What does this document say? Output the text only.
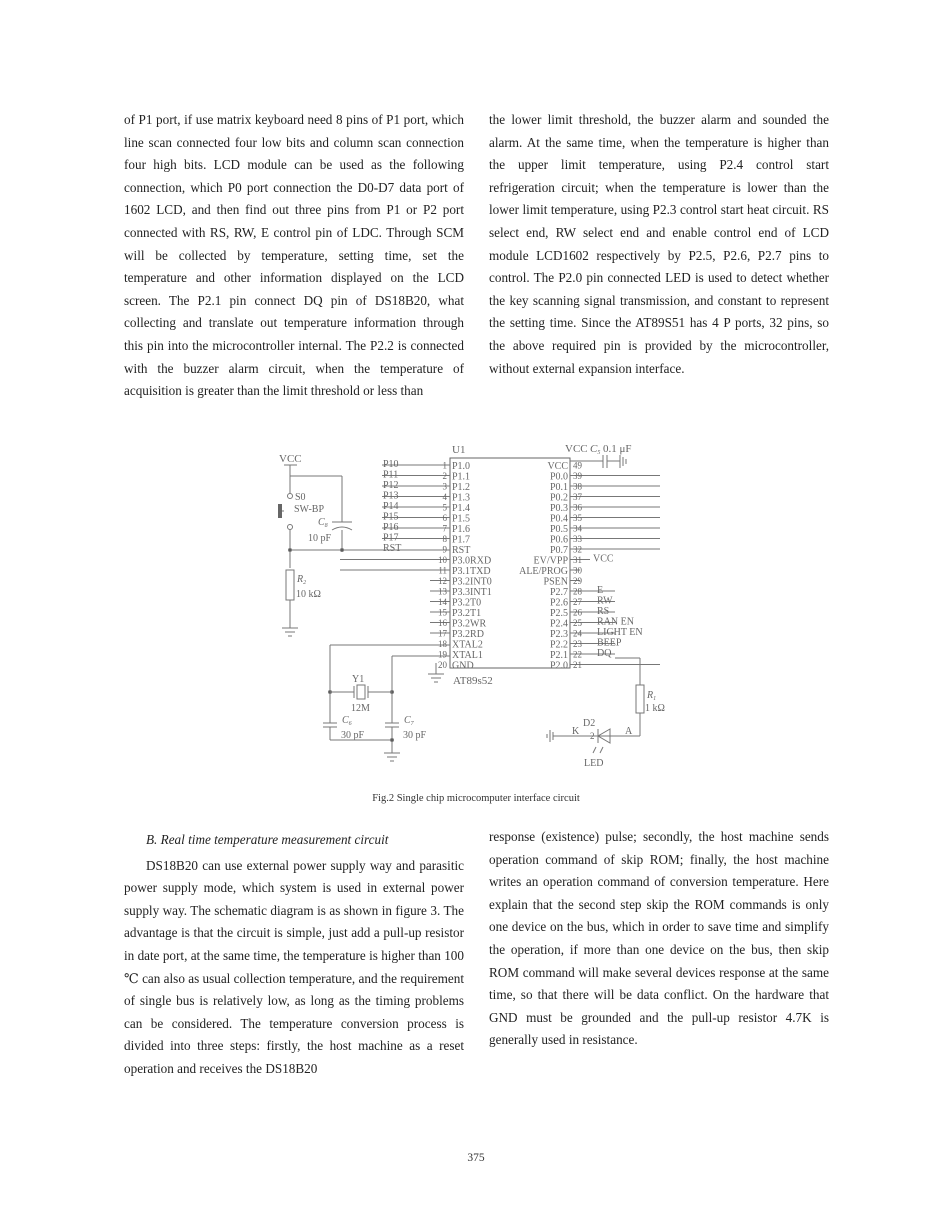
of P1 port, if use matrix keyboard need 8 pins of P1 port, which line scan connected four low bits and column scan connection four high bits. LCD module can be used as the following connection, which P0 port connection the D0-D7 data port of 1602 LCD, and then find out three pins from P1 or P2 port connected with RS, RW, E control pin of LDC. Through SCM will be collected by temperature, setting time, set the temperature and other information displayed on the LCD screen. The P2.1 pin connect DQ pin of DS18B20, what collecting and translate out temperature information through this pin into the microcontroller internal. The P2.2 is connected with the buzzer alarm circuit, when the temperature of acquisition is greater than the limit threshold or less than

the lower limit threshold, the buzzer alarm and sounded the alarm. At the same time, when the temperature is higher than the upper limit temperature, using P2.4 control start refrigeration circuit; when the temperature is lower than the lower limit temperature, using P2.3 control start heat circuit. RS select end, RW select end and enable control end of LCD module LCD1602 respectively by P2.5, P2.6, P2.7 pins to control. The P2.0 pin connected LED is used to detect whether the key scanning signal transmission, and constant to represent the setting time. Since the AT89S51 has 4 P ports, 32 pins, so the above required pin is provided by the microcontroller, without external expansion interface.

U1
AT89s52
1 P1.0
P10
2 P1.1
P11
3 P1.2
P12
4 P1.3
P13
5 P1.4
P14
6 P1.5
P15
7 P1.6
P16
8 P1.7
P17
9 RST
RST
10 P3.0RXD
11 P3.1TXD
12 P3.2INT0
13 P3.3INT1
14 P3.2T0
15 P3.2T1
16 P3.2WR
17 P3.2RD
18 XTAL2
19 XTAL1
20 GND
49
VCC
39
P0.0
38
P0.1
37
P0.2
36
P0.3
35
P0.4
34
P0.5
33
P0.6
32
P0.7
31
EV/VPP	VCC
30
ALE/PROG
29
PSEN
28
P2.7	E
27
P2.6	RW
26
P2.5	RS
25
P2.4	RAN EN
24
P2.3	LIGHT EN
23
P2.2	BEEP
22
P2.1	DQ
21
P2.0
VCC
S0
SW-BP
$C_8$
10 pF
$R_2$
10 kΩ
Y1
12M
$C_6$
30 pF
$C_7$
30 pF
VCC C5 0.1 μF
$R_1$
1 kΩ
D2
K	A
2
LED
Fig.2 Single chip microcomputer interface circuit

B. Real time temperature measurement circuit

DS18B20 can use external power supply way and parasitic power supply mode, which system is used in external power supply way. The schematic diagram is as shown in figure 3. The advantage is that the circuit is simple, just add a pull-up resistor in date port, at the same time, the temperature is higher than 100 ℃ can also as usual collection temperature, and the requirement of single bus is relatively low, as long as the timing problems can be considered. The temperature conversion process is divided into three steps: firstly, the host machine as a reset operation and receives the DS18B20

response (existence) pulse; secondly, the host machine sends operation command of skip ROM; finally, the host machine writes an operation command of conversion temperature. Here explain that the second step skip the ROM commands is only one device on the bus, which in order to save time and simplify the operation, if more than one device on the bus, then skip ROM command will make several devices response at the same time, so that there will be data conflict. On the hardware that GND must be grounded and the pull-up resistor 4.7K is generally used in resistance.

375
